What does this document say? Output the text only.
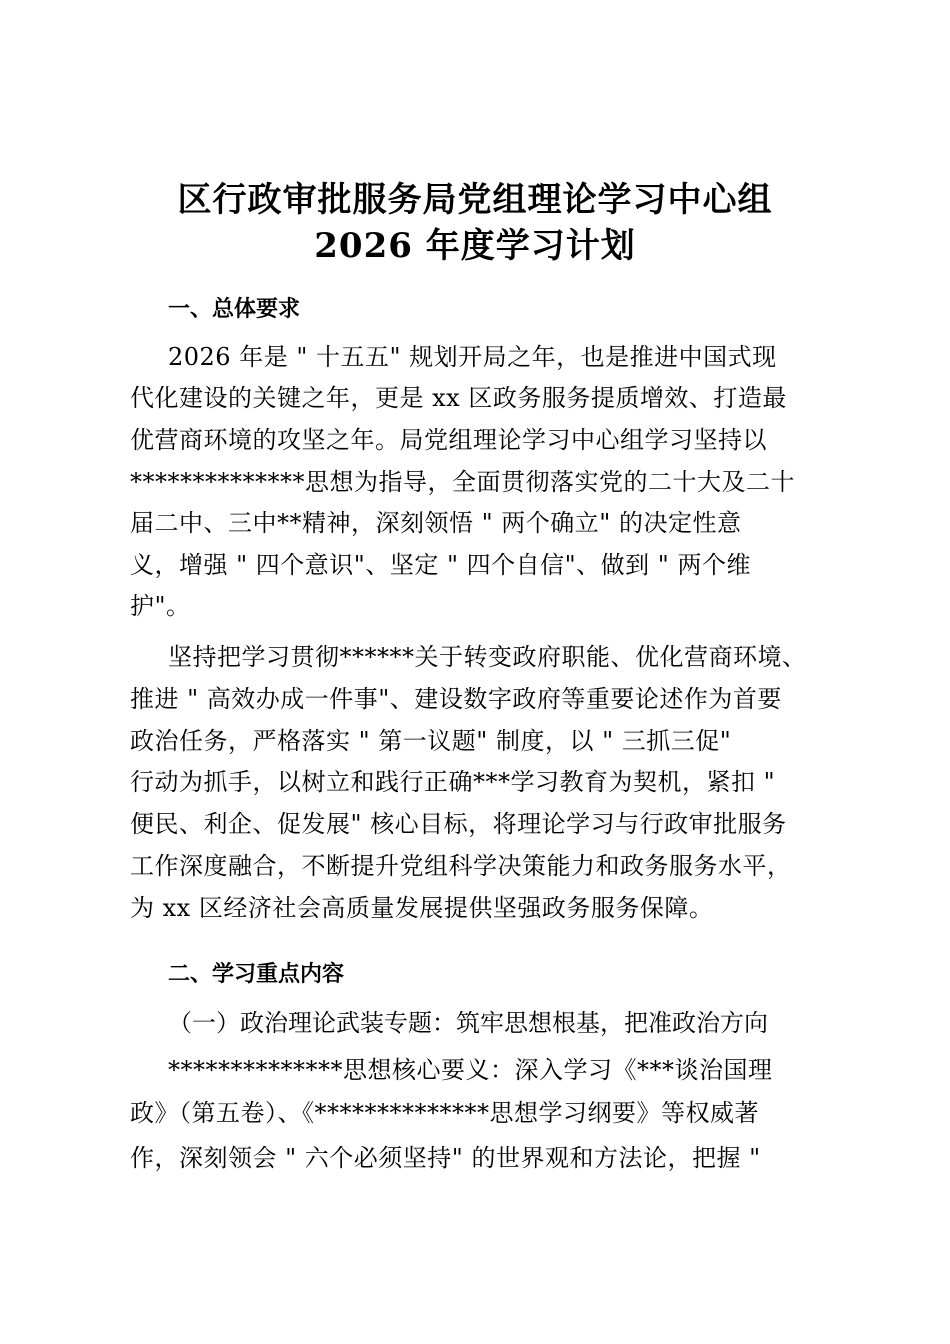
区行政审批服务局党组理论学习中心组
2026 年度学习计划
一、总体要求
2026 年是 " 十五五" 规划开局之年，也是推进中国式现
代化建设的关键之年，更是 xx 区政务服务提质增效、打造最
优营商环境的攻坚之年。局党组理论学习中心组学习坚持以
**************思想为指导，全面贯彻落实党的二十大及二十
届二中、三中**精神，深刻领悟 " 两个确立" 的决定性意
义，增强 " 四个意识"、坚定 " 四个自信"、做到 " 两个维
护"。
坚持把学习贯彻******关于转变政府职能、优化营商环境、
推进 " 高效办成一件事"、建设数字政府等重要论述作为首要
政治任务，严格落实 " 第一议题" 制度，以 " 三抓三促"
行动为抓手，以树立和践行正确***学习教育为契机，紧扣 "
便民、利企、促发展" 核心目标，将理论学习与行政审批服务
工作深度融合，不断提升党组科学决策能力和政务服务水平，
为 xx 区经济社会高质量发展提供坚强政务服务保障。
二、学习重点内容
（一）政治理论武装专题：筑牢思想根基，把准政治方向
**************思想核心要义：深入学习《***谈治国理
政》（第五卷）、《**************思想学习纲要》等权威著
作，深刻领会 " 六个必须坚持" 的世界观和方法论，把握 "
